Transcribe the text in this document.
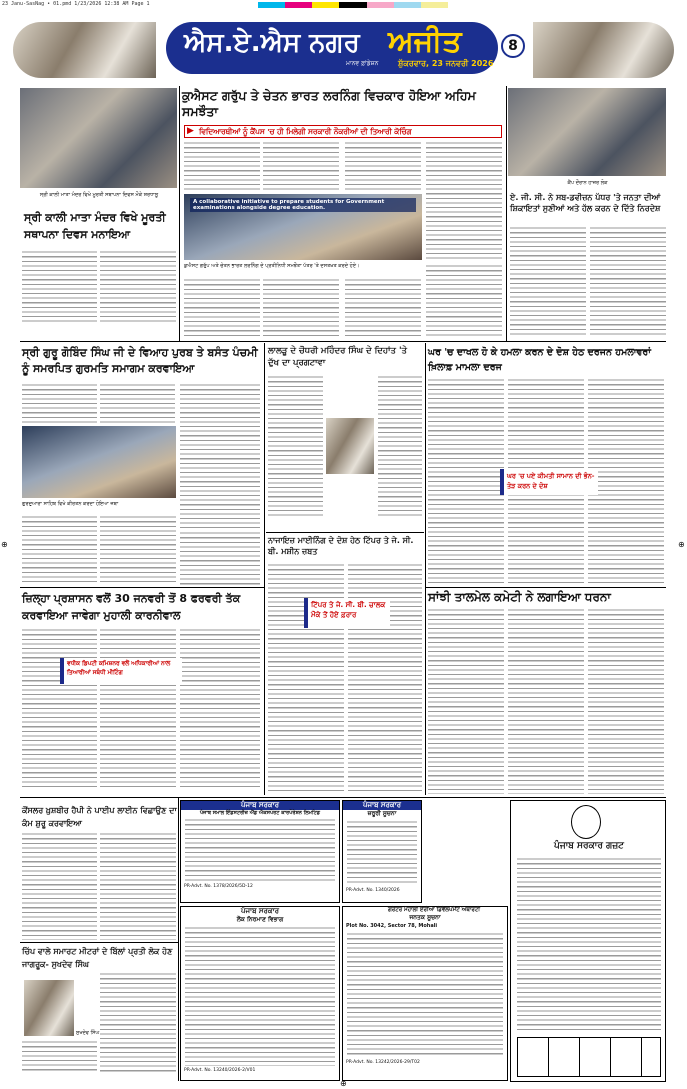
23 Janu-SasNag • 01.pmd 1/23/2026 12:38 AM Page 1
ਐਸ.ਏ.ਐਸ ਨਗਰ ਅਜੀਤ
ਮਾਨਵ ਫ਼ਾਂਡੇਸ਼ਨ ਸ਼ੁੱਕਰਵਾਰ, 23 ਜਨਵਰੀ 2026
8
ਸ੍ਰੀ ਕਾਲੀ ਮਾਤਾ ਮੰਦਰ ਵਿਖੇ ਮੂਰਤੀ ਸਥਾਪਨਾ ਦਿਵਸ ਮੌਕੇ ਸ਼ਰਧਾਲੂ
ਸ੍ਰੀ ਕਾਲੀ ਮਾਤਾ ਮੰਦਰ ਵਿਖੇ ਮੂਰਤੀ ਸਥਾਪਨਾ ਦਿਵਸ ਮਨਾਇਆ
ਕੁਐਸਟ ਗਰੁੱਪ ਤੇ ਚੇਤਨ ਭਾਰਤ ਲਰਨਿੰਗ ਵਿਚਕਾਰ ਹੋਇਆ ਅਹਿਮ ਸਮਝੌਤਾ
▶ ਵਿਦਿਆਰਥੀਆਂ ਨੂੰ ਕੈਂਪਸ 'ਚ ਹੀ ਮਿਲੇਗੀ ਸਰਕਾਰੀ ਨੌਕਰੀਆਂ ਦੀ ਤਿਆਰੀ ਕੋਚਿੰਗ
A collaborative initiative to prepare students for Government examinations alongside degree education.
ਕੁਐਸਟ ਗਰੁੱਪ ਅਤੇ ਚੇਤਨ ਭਾਰਤ ਲਰਨਿੰਗ ਦੇ ਪ੍ਰਤੀਨਿਧੀ ਸਮਝੌਤਾ ਪੱਤਰ 'ਤੇ ਦਸਤਖ਼ਤ ਕਰਦੇ ਹੋਏ।
ਕੈਂਪ ਦੌਰਾਨ ਹਾਜ਼ਰ ਲੋਕ
ਏ. ਜੀ. ਸੀ. ਨੇ ਸਬ-ਡਵੀਜ਼ਨ ਪੱਧਰ 'ਤੇ ਜਨਤਾ ਦੀਆਂ ਸ਼ਿਕਾਇਤਾਂ ਸੁਣੀਆਂ ਅਤੇ ਹੱਲ ਕਰਨ ਦੇ ਦਿੱਤੇ ਨਿਰਦੇਸ਼
ਸ੍ਰੀ ਗੁਰੂ ਗੋਬਿੰਦ ਸਿੰਘ ਜੀ ਦੇ ਵਿਆਹ ਪੁਰਬ ਤੇ ਬਸੰਤ ਪੰਚਮੀ ਨੂੰ ਸਮਰਪਿਤ ਗੁਰਮਤਿ ਸਮਾਗਮ ਕਰਵਾਇਆ
ਗੁਰਦੁਆਰਾ ਸਾਹਿਬ ਵਿਖੇ ਕੀਰਤਨ ਕਰਦਾ ਹੋਇਆ ਜਥਾ
ਲਾਲੜੂ ਦੇ ਚੌਧਰੀ ਮਹਿੰਦਰ ਸਿੰਘ ਦੇ ਦਿਹਾਂਤ 'ਤੇ ਦੁੱਖ ਦਾ ਪ੍ਰਗਟਾਵਾ
ਘਰ 'ਚ ਦਾਖਲ ਹੋ ਕੇ ਹਮਲਾ ਕਰਨ ਦੇ ਦੋਸ਼ ਹੇਠ ਦਰਜਨ ਹਮਲਾਵਰਾਂ ਖ਼ਿਲਾਫ਼ ਮਾਮਲਾ ਦਰਜ
ਘਰ 'ਚ ਪਏ ਕੀਮਤੀ ਸਾਮਾਨ ਦੀ ਭੰਨ-ਤੋੜ ਕਰਨ ਦੇ ਦੋਸ਼
ਨਾਜਾਇਜ਼ ਮਾਈਨਿੰਗ ਦੇ ਦੋਸ਼ ਹੇਠ ਟਿੱਪਰ ਤੇ ਜੇ. ਸੀ. ਬੀ. ਮਸ਼ੀਨ ਜ਼ਬਤ
ਟਿੱਪਰ ਤੇ ਜੇ. ਸੀ. ਬੀ. ਚਾਲਕ ਮੌਕੇ ਤੋਂ ਹੋਏ ਫ਼ਰਾਰ
ਸਾਂਝੀ ਤਾਲਮੇਲ ਕਮੇਟੀ ਨੇ ਲਗਾਇਆ ਧਰਨਾ
ਜ਼ਿਲ੍ਹਾ ਪ੍ਰਸ਼ਾਸਨ ਵਲੋਂ 30 ਜਨਵਰੀ ਤੋਂ 8 ਫਰਵਰੀ ਤੱਕ ਕਰਵਾਇਆ ਜਾਵੇਗਾ ਮੁਹਾਲੀ ਕਾਰਨੀਵਾਲ
ਵਧੀਕ ਡਿਪਟੀ ਕਮਿਸ਼ਨਰ ਵਲੋਂ ਅਧਿਕਾਰੀਆਂ ਨਾਲ ਤਿਆਰੀਆਂ ਸਬੰਧੀ ਮੀਟਿੰਗ
ਕੌਂਸਲਰ ਖ਼ੁਸ਼ਬੀਰ ਹੈਪੀ ਨੇ ਪਾਈਪ ਲਾਈਨ ਵਿਛਾਉਣ ਦਾ ਕੰਮ ਸ਼ੁਰੂ ਕਰਵਾਇਆ
ਚਿੱਪ ਵਾਲੇ ਸਮਾਰਟ ਮੀਟਰਾਂ ਦੇ ਬਿੱਲਾਂ ਪ੍ਰਤੀ ਲੋਕ ਹੋਣ ਜਾਗਰੂਕ- ਸੁਖਦੇਵ ਸਿੰਘ
ਸੁਖਦੇਵ ਸਿੰਘ
ਪੰਜਾਬ ਸਰਕਾਰ
ਪੰਜਾਬ ਸਮਾਲ ਇੰਡਸਟਰੀਜ਼ ਐਂਡ ਐਕਸਪੋਰਟ ਕਾਰਪੋਰੇਸ਼ਨ ਲਿਮਟਿਡ
PR-Advt. No. 1378/2026/5D-12
ਪੰਜਾਬ ਸਰਕਾਰ
ਜ਼ਰੂਰੀ ਸੂਚਨਾ
PR-Advt. No. 1340/2026
ਪੰਜਾਬ ਸਰਕਾਰ
ਲੋਕ ਨਿਰਮਾਣ ਵਿਭਾਗ
PR-Advt. No. 13240/2026-2/V01
ਗਰੇਟਰ ਮੋਹਾਲੀ ਏਰੀਆ ਡਿਵੈਲਪਮੈਂਟ ਅਥਾਰਟੀ
ਜਨਤਕ ਸੂਚਨਾ
Plot No. 3042, Sector 78, Mohali
PR-Advt. No. 13242/2026-29/T02
ਪੰਜਾਬ ਸਰਕਾਰ ਗਜ਼ਟ
⊕	⊕
⊕
